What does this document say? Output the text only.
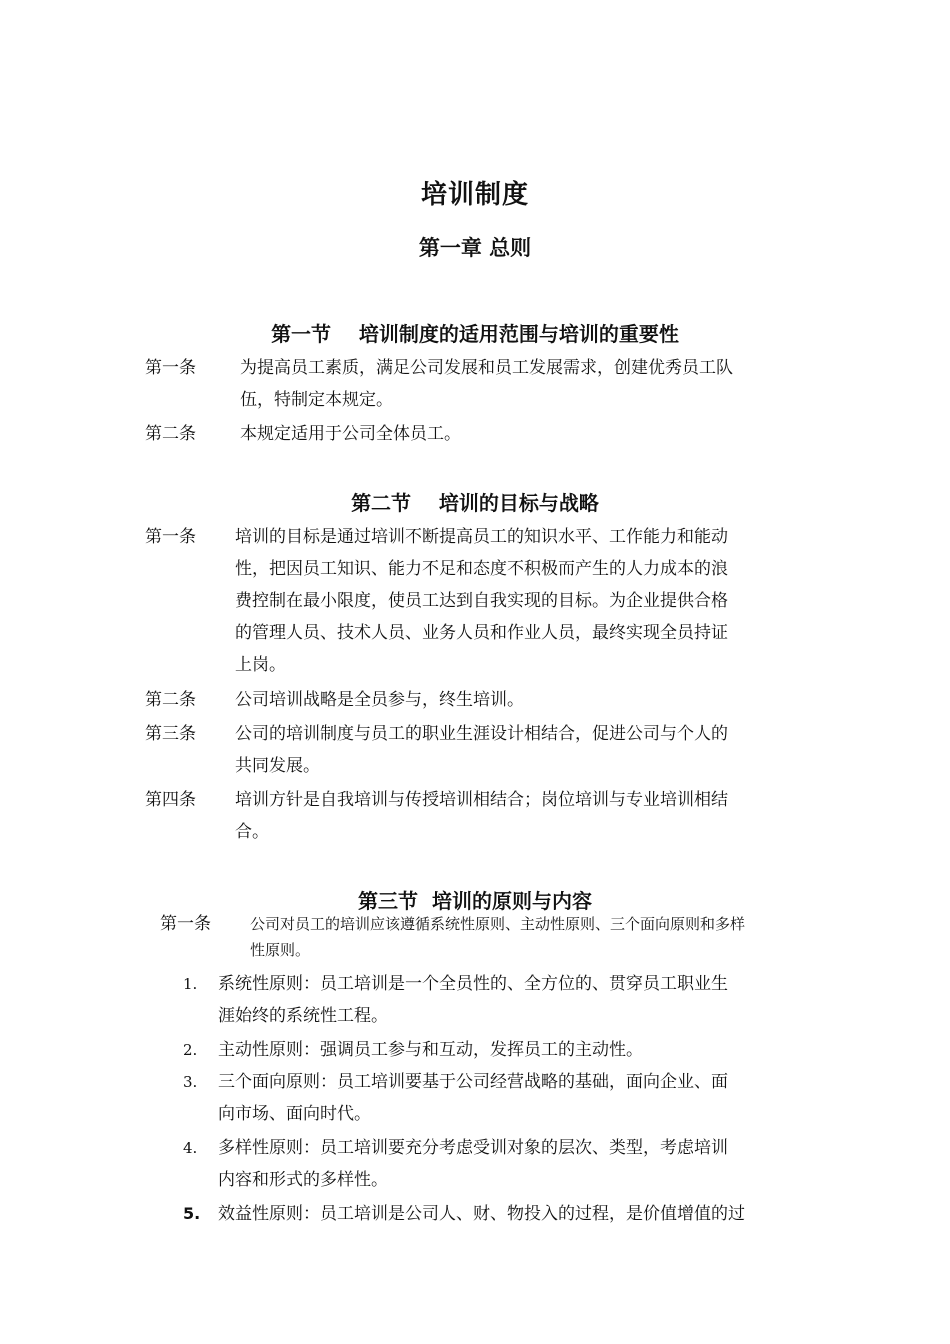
培训制度
第一章 总则
第一节    培训制度的适用范围与培训的重要性
第一条	为提高员工素质，满足公司发展和员工发展需求，创建优秀员工队
伍，特制定本规定。
第二条	本规定适用于公司全体员工。
第二节    培训的目标与战略
第一条 培训的目标是通过培训不断提高员工的知识水平、工作能力和能动
性，把因员工知识、能力不足和态度不积极而产生的人力成本的浪
费控制在最小限度，使员工达到自我实现的目标。为企业提供合格
的管理人员、技术人员、业务人员和作业人员，最终实现全员持证
上岗。
第二条 公司培训战略是全员参与，终生培训。
第三条 公司的培训制度与员工的职业生涯设计相结合，促进公司与个人的
共同发展。
第四条 培训方针是自我培训与传授培训相结合；岗位培训与专业培训相结
合。
第三节  培训的原则与内容
第一条	公司对员工的培训应该遵循系统性原则、主动性原则、三个面向原则和多样
性原则。
1.	系统性原则：员工培训是一个全员性的、全方位的、贯穿员工职业生
涯始终的系统性工程。
2.	主动性原则：强调员工参与和互动，发挥员工的主动性。
3.	三个面向原则：员工培训要基于公司经营战略的基础，面向企业、面
向市场、面向时代。
4.	多样性原则：员工培训要充分考虑受训对象的层次、类型，考虑培训
内容和形式的多样性。
5. 效益性原则：员工培训是公司人、财、物投入的过程，是价值增值的过
